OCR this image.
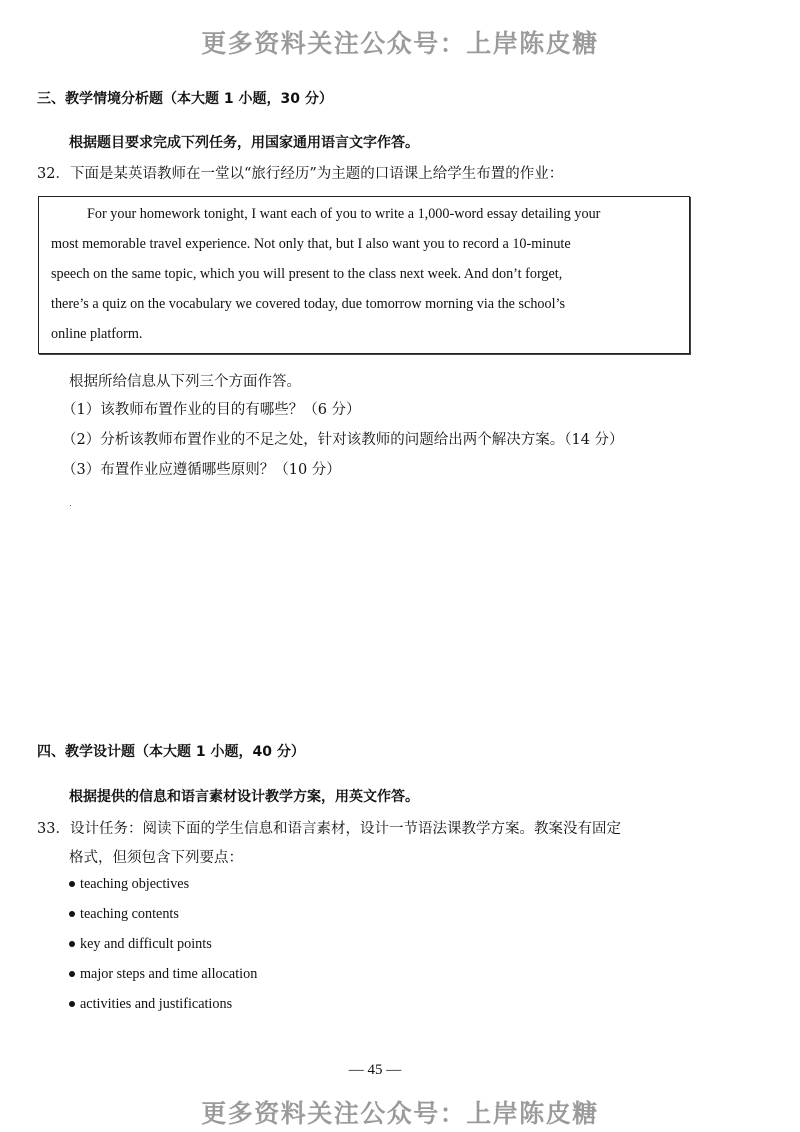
更多资料关注公众号：上岸陈皮糖
三、教学情境分析题（本大题 1 小题，30 分）
根据题目要求完成下列任务，用国家通用语言文字作答。
32．下面是某英语教师在一堂以“旅行经历”为主题的口语课上给学生布置的作业：
For your homework tonight, I want each of you to write a 1,000-word essay detailing your
most memorable travel experience. Not only that, but I also want you to record a 10-minute
speech on the same topic, which you will present to the class next week. And don’t forget,
there’s a quiz on the vocabulary we covered today, due tomorrow morning via the school’s
online platform.
根据所给信息从下列三个方面作答。
（1）该教师布置作业的目的有哪些？（6 分）
（2）分析该教师布置作业的不足之处，针对该教师的问题给出两个解决方案。（14 分）
（3）布置作业应遵循哪些原则？（10 分）
四、教学设计题（本大题 1 小题，40 分）
根据提供的信息和语言素材设计教学方案，用英文作答。
33．设计任务：阅读下面的学生信息和语言素材，设计一节语法课教学方案。教案没有固定
格式，但须包含下列要点：
teaching objectives
teaching contents
key and difficult points
major steps and time allocation
activities and justifications
— 45 —
更多资料关注公众号：上岸陈皮糖
